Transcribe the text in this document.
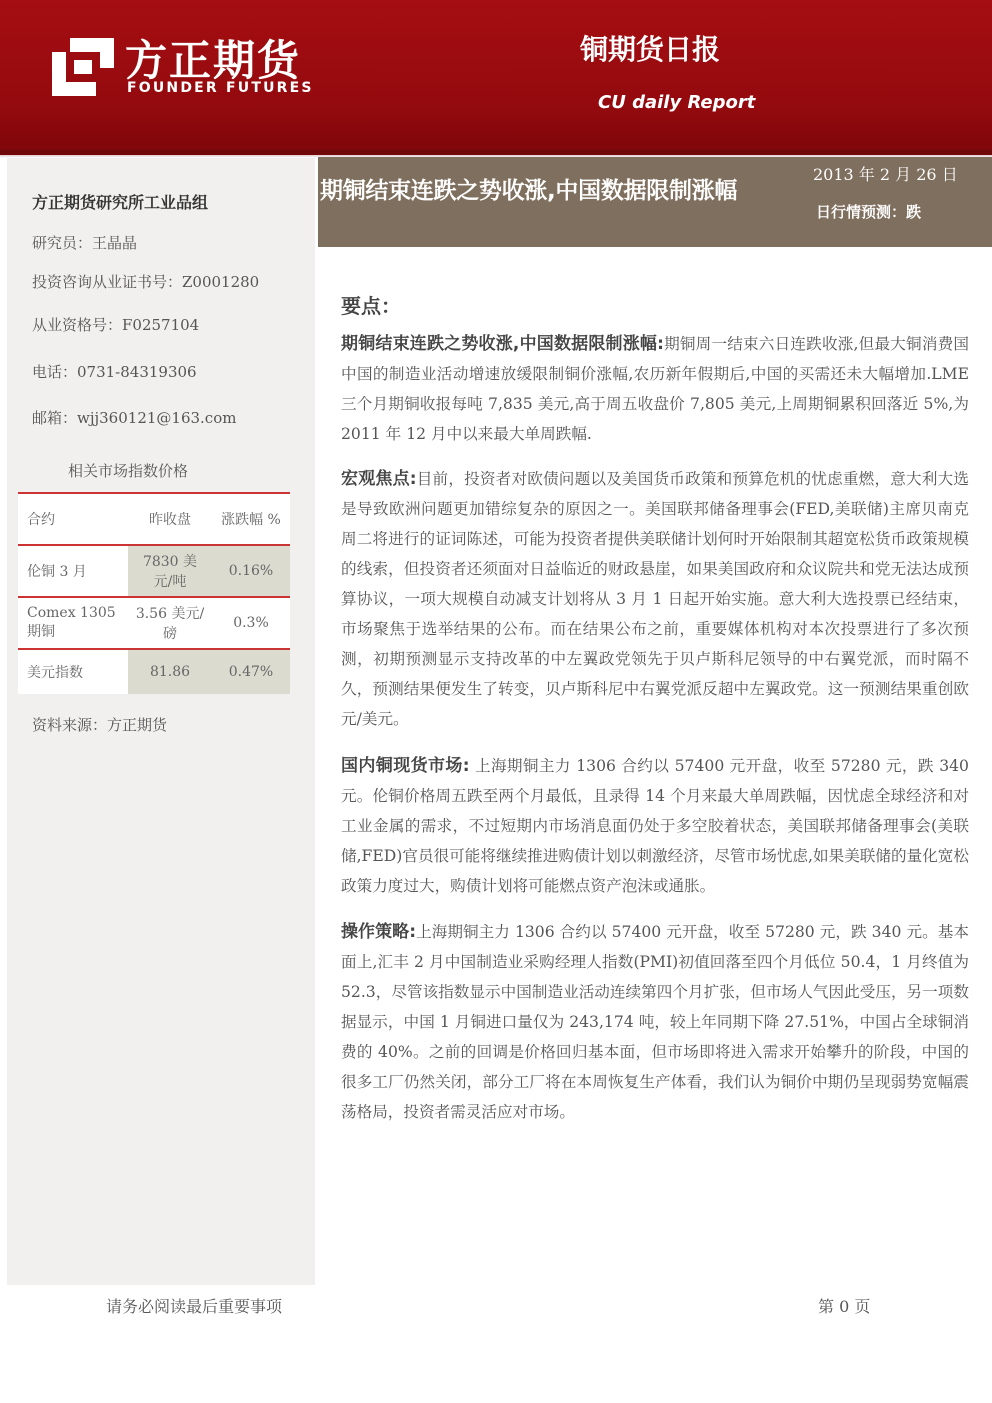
方正期货
FOUNDER FUTURES
铜期货日报
CU daily Report
方正期货研究所工业品组
研究员：王晶晶
投资咨询从业证书号：Z0001280
从业资格号：F0257104
电话：0731-84319306
邮箱：wjj360121@163.com
相关市场指数价格
合约	昨收盘	涨跌幅 %
伦铜 3 月	7830 美元/吨	0.16%
Comex 1305 期铜	3.56 美元/磅	0.3%
美元指数	81.86	0.47%
资料来源：方正期货
期铜结束连跌之势收涨,中国数据限制涨幅
2013 年 2 月 26 日
日行情预测：跌
要点：

期铜结束连跌之势收涨,中国数据限制涨幅:期铜周一结束六日连跌收涨,但最大铜消费国中国的制造业活动增速放缓限制铜价涨幅,农历新年假期后,中国的买需还未大幅增加.LME 三个月期铜收报每吨 7,835 美元,高于周五收盘价 7,805 美元,上周期铜累积回落近 5%,为 2011 年 12 月中以来最大单周跌幅.

宏观焦点:目前，投资者对欧债问题以及美国货币政策和预算危机的忧虑重燃，意大利大选是导致欧洲问题更加错综复杂的原因之一。美国联邦储备理事会(FED,美联储)主席贝南克周二将进行的证词陈述，可能为投资者提供美联储计划何时开始限制其超宽松货币政策规模的线索，但投资者还须面对日益临近的财政悬崖，如果美国政府和众议院共和党无法达成预算协议，一项大规模自动减支计划将从 3 月 1 日起开始实施。意大利大选投票已经结束，市场聚焦于选举结果的公布。而在结果公布之前，重要媒体机构对本次投票进行了多次预测，初期预测显示支持改革的中左翼政党领先于贝卢斯科尼领导的中右翼党派，而时隔不久，预测结果便发生了转变，贝卢斯科尼中右翼党派反超中左翼政党。这一预测结果重创欧元/美元。

国内铜现货市场: 上海期铜主力 1306 合约以 57400 元开盘，收至 57280 元，跌 340 元。伦铜价格周五跌至两个月最低，且录得 14 个月来最大单周跌幅，因忧虑全球经济和对工业金属的需求，不过短期内市场消息面仍处于多空胶着状态，美国联邦储备理事会(美联储,FED)官员很可能将继续推进购债计划以刺激经济，尽管市场忧虑,如果美联储的量化宽松政策力度过大，购债计划将可能燃点资产泡沫或通胀。

操作策略:上海期铜主力 1306 合约以 57400 元开盘，收至 57280 元，跌 340 元。基本面上,汇丰 2 月中国制造业采购经理人指数(PMI)初值回落至四个月低位 50.4，1 月终值为 52.3，尽管该指数显示中国制造业活动连续第四个月扩张，但市场人气因此受压，另一项数据显示，中国 1 月铜进口量仅为 243,174 吨，较上年同期下降 27.51%，中国占全球铜消费的 40%。之前的回调是价格回归基本面，但市场即将进入需求开始攀升的阶段，中国的很多工厂仍然关闭，部分工厂将在本周恢复生产体看，我们认为铜价中期仍呈现弱势宽幅震荡格局，投资者需灵活应对市场。

请务必阅读最后重要事项	第 0 页
